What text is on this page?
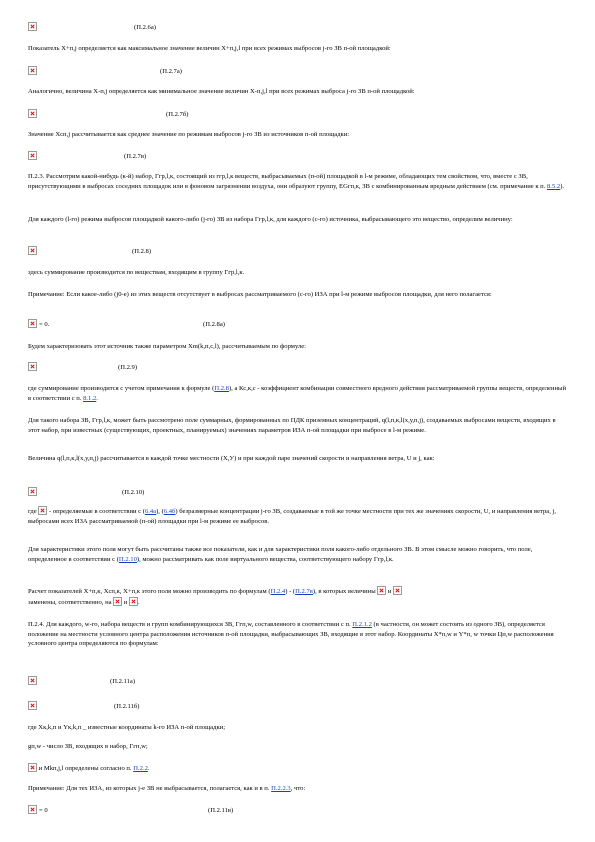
(П.2.6а)
Показатель X+п,j определяется как максимальное значение величин X+п,j,l при всех режимах выбросов j-го ЗВ п-ой площадкой:
(П.2.7а)
Аналогично, величина X-п,j определяется как минимальное значение величин X-п,j,l при всех режимах выброса j-го ЗВ п-ой площадкой:
(П.2.7б)
Значение Хсп,j рассчитывается как среднее значение по режимам выбросов j-го ЗВ из источников п-ой площадки:
(П.2.7в)
П.2.3. Рассмотрим какой-нибудь (к-й) набор, Ггр,l,к, состоящий из ггр,l,к веществ, выбрасываемых (п-ой) площадкой в l-м режиме, обладающих тем свойством, что, вместе с ЗВ, присутствующими в выбросах соседних площадок или в фоновом загрязнении воздуха, они образуют группу, ЕGгп,к, ЗВ с комбинированным вредным действием (см. примечание к п. 8.5.2).
Для каждого (l-го) режима выбросов площадкой какого-либо (j-го) ЗВ из набора Ггр,l,к, для каждого (с-го) источника, выбрасывающего это вещество, определим величину:
(П.2.8)
здесь суммирование производится по веществам, входящим в группу Ггр,l,к.
Примечание: Если какое-либо (j0-е) из этих веществ отсутствует в выбросах рассматриваемого (с-го) ИЗА при l-м режиме выбросов площадки, для него полагается:
= 0.	(П.2.8а)
Будем характеризовать этот источник также параметром Хm(k,п,с,l), рассчитываемым по формуле:
(П.2.9)
где суммирование производится с учетом примечания к формуле (П.2.8), а Кс,к,с - коэффициент комбинации совместного вредного действия рассматриваемой группы веществ, определенный в соответствии с п. 8.1.2.
Для такого набора ЗВ, Ггр,l,к, может быть рассмотрено поле суммарных, формированных по ПДК приземных концентраций, q(l,п,к,l(х,у,п,j), создаваемых выбросами веществ, входящих в этот набор, при известных (существующих, проектных, планируемых) значениях параметров ИЗА п-ой площадки при выбросе в l-м режиме.
Величина q(l,п,к,l(х,у,п,j) рассчитывается в каждой точке местности (Х,У) и при каждой паре значений скорости и направления ветра, U и j, как:
(П.2.10)
где  - определяемые в соответствии с (6.4а), (6.4б) безразмерные концентрации j-го ЗВ, создаваемые в той же точке местности при тех же значениях скорости, U, и направления ветра, j, выбросами всех ИЗА рассматриваемой (п-ой) площадки при l-м режиме ее выбросов.
Для характеристики этого поля могут быть рассчитаны также все показатели, как и для характеристики поля какого-либо отдельного ЗВ. В этом смысле можно говорить, что поле, определенное в соответствии с (П.2.10), можно рассматривать как поле виртуального вещества, соответствующего набору Ггр,l,к.
Расчет показателей X+п,к, Хсп,к, X+п,к этого поля можно производить по формулам (П.2.4) - (П.2.7в), в которых величины  и
заменены, соответственно, на  и .
П.2.4. Для каждого, w-го, набора веществ и групп комбинирующихся ЗВ, Ггп,w, составленного в соответствии с п. П.2.1.2 (в частности, он может состоять из одного ЗВ), определяется положение на местности условного центра расположения источников п-ой площадки, выбрасывающих ЗВ, входящие в этот набор. Координаты X*п,w и Y*п, w точки Цп,w расположения условного центра определяются по формулам:
(П.2.11а)
(П.2.11б)
где Xк,k,п и Yк,k,п _ известные координаты k-го ИЗА п-ой площадки;
gп,w - число ЗВ, входящих в набор, Ггп,w;
и Мkп,j,l определены согласно п. П.2.2.
Примечание: Для тех ИЗА, из которых j-е ЗВ не выбрасывается, полагается, как и в п. П.2.2.3, что:
= 0	(П.2.11в)
